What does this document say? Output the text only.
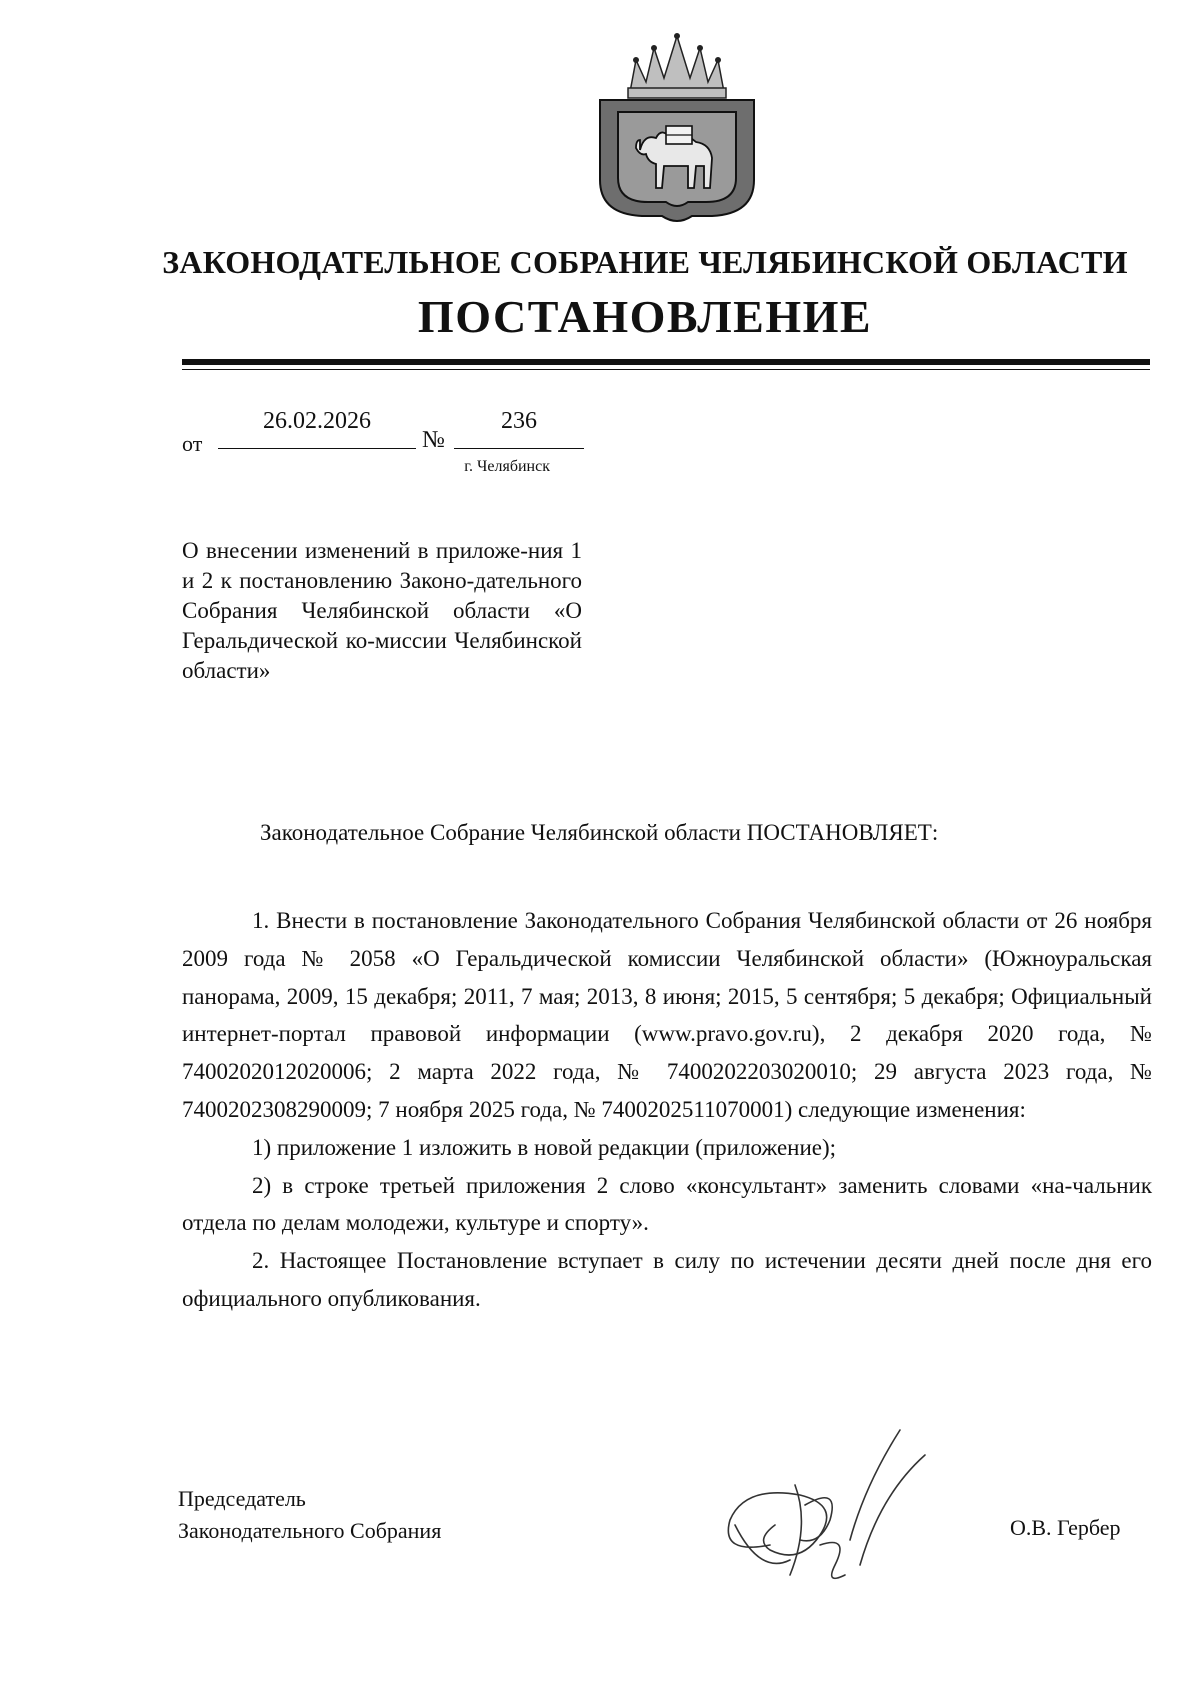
ЗАКОНОДАТЕЛЬНОЕ СОБРАНИЕ ЧЕЛЯБИНСКОЙ ОБЛАСТИ
ПОСТАНОВЛЕНИЕ
от
26.02.2026
№
236
г. Челябинск
О внесении изменений в приложе-ния 1 и 2 к постановлению Законо-дательного Собрания Челябинской области «О Геральдической ко-миссии Челябинской области»
Законодательное Собрание Челябинской области ПОСТАНОВЛЯЕТ:

1. Внести в постановление Законодательного Собрания Челябинской области от 26 ноября 2009 года № 2058 «О Геральдической комиссии Челябинской области» (Южноуральская панорама, 2009, 15 декабря; 2011, 7 мая; 2013, 8 июня; 2015, 5 сентября; 5 декабря; Официальный интернет-портал правовой информации (www.pravo.gov.ru), 2 декабря 2020 года, № 7400202012020006; 2 марта 2022 года, № 7400202203020010; 29 августа 2023 года, № 7400202308290009; 7 ноября 2025 года, № 7400202511070001) следующие изменения:

1) приложение 1 изложить в новой редакции (приложение);

2) в строке третьей приложения 2 слово «консультант» заменить словами «на-чальник отдела по делам молодежи, культуре и спорту».

2. Настоящее Постановление вступает в силу по истечении десяти дней после дня его официального опубликования.

Председатель
Законодательного Собрания	О.В. Гербер
